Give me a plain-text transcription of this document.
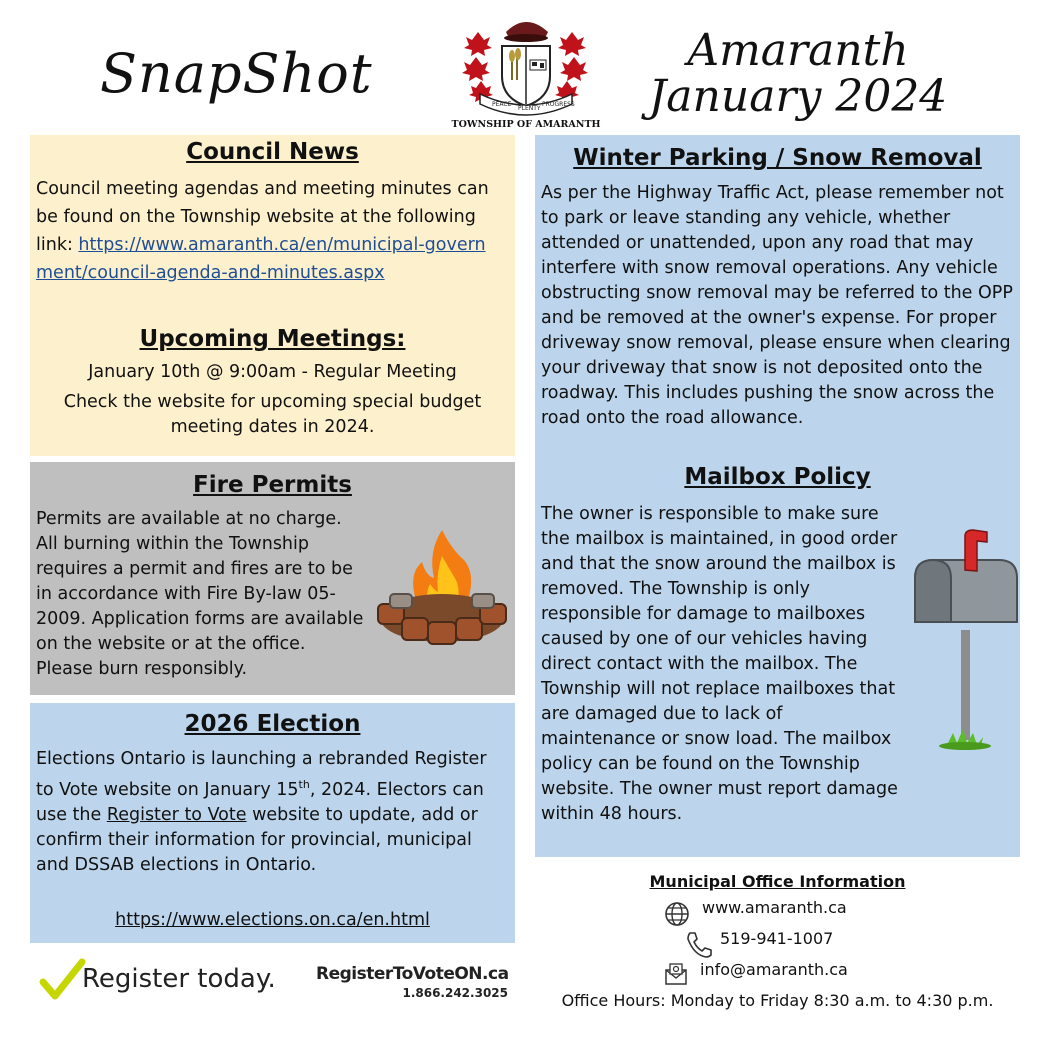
SnapShot	PEACE
PLENTY
PROGRESS
TOWNSHIP OF AMARANTH
Amaranth
January 2024
Council News
Council meeting agendas and meeting minutes can be found on the Township website at the following link: https://www.amaranth.ca/en/municipal-government/council-agenda-and-minutes.aspx
Upcoming Meetings:
January 10th @ 9:00am - Regular Meeting
Check the website for upcoming special budget meeting dates in 2024.
Fire Permits
Permits are available at no charge. All burning within the Township requires a permit and fires are to be in accordance with Fire By-law 05-2009. Application forms are available on the website or at the office. Please burn responsibly.
2026 Election
Elections Ontario is launching a rebranded Register to Vote website on January 15th, 2024. Electors can use the Register to Vote website to update, add or confirm their information for provincial, municipal and DSSAB elections in Ontario.
https://www.elections.on.ca/en.html
Register today. RegisterToVoteON.ca
1.866.242.3025
Winter Parking / Snow Removal
As per the Highway Traffic Act, please remember not to park or leave standing any vehicle, whether attended or unattended, upon any road that may interfere with snow removal operations. Any vehicle obstructing snow removal may be referred to the OPP and be removed at the owner's expense. For proper driveway snow removal, please ensure when clearing your driveway that snow is not deposited onto the roadway. This includes pushing the snow across the road onto the road allowance.
Mailbox Policy
The owner is responsible to make sure the mailbox is maintained, in good order and that the snow around the mailbox is removed. The Township is only responsible for damage to mailboxes caused by one of our vehicles having direct contact with the mailbox. The Township will not replace mailboxes that are damaged due to lack of maintenance or snow load. The mailbox policy can be found on the Township website. The owner must report damage within 48 hours.
Municipal Office Information
www.amaranth.ca
519-941-1007
info@amaranth.ca
Office Hours: Monday to Friday 8:30 a.m. to 4:30 p.m.
